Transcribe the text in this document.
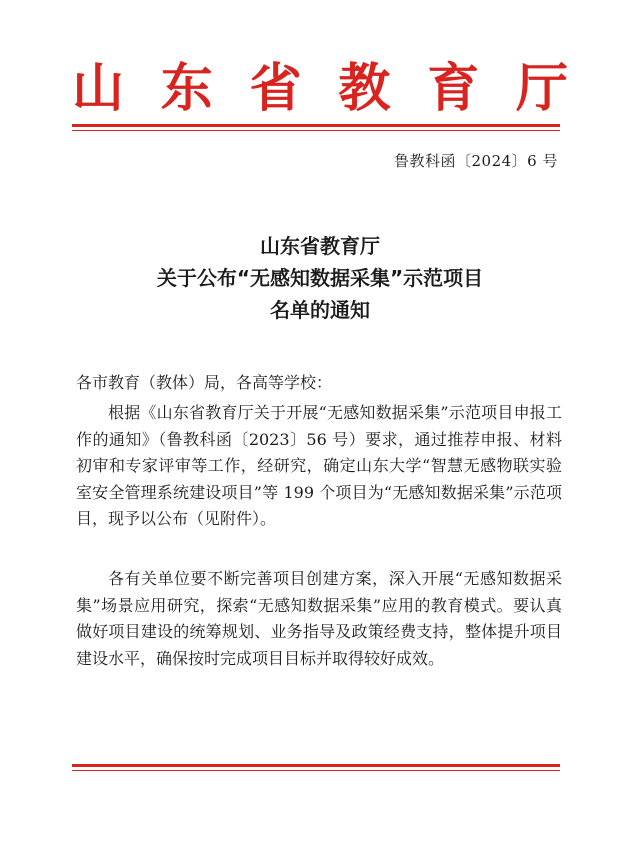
山 东 省 教 育 厅
鲁教科函〔2024〕6 号
山东省教育厅
关于公布“无感知数据采集”示范项目
名单的通知
各市教育（教体）局，各高等学校：

根据《山东省教育厅关于开展“无感知数据采集”示范项目申报工作的通知》（鲁教科函〔2023〕56 号）要求，通过推荐申报、材料初审和专家评审等工作，经研究，确定山东大学“智慧无感物联实验室安全管理系统建设项目”等 199 个项目为“无感知数据采集”示范项目，现予以公布（见附件）。

各有关单位要不断完善项目创建方案，深入开展“无感知数据采集”场景应用研究，探索“无感知数据采集”应用的教育模式。要认真做好项目建设的统筹规划、业务指导及政策经费支持，整体提升项目建设水平，确保按时完成项目目标并取得较好成效。
